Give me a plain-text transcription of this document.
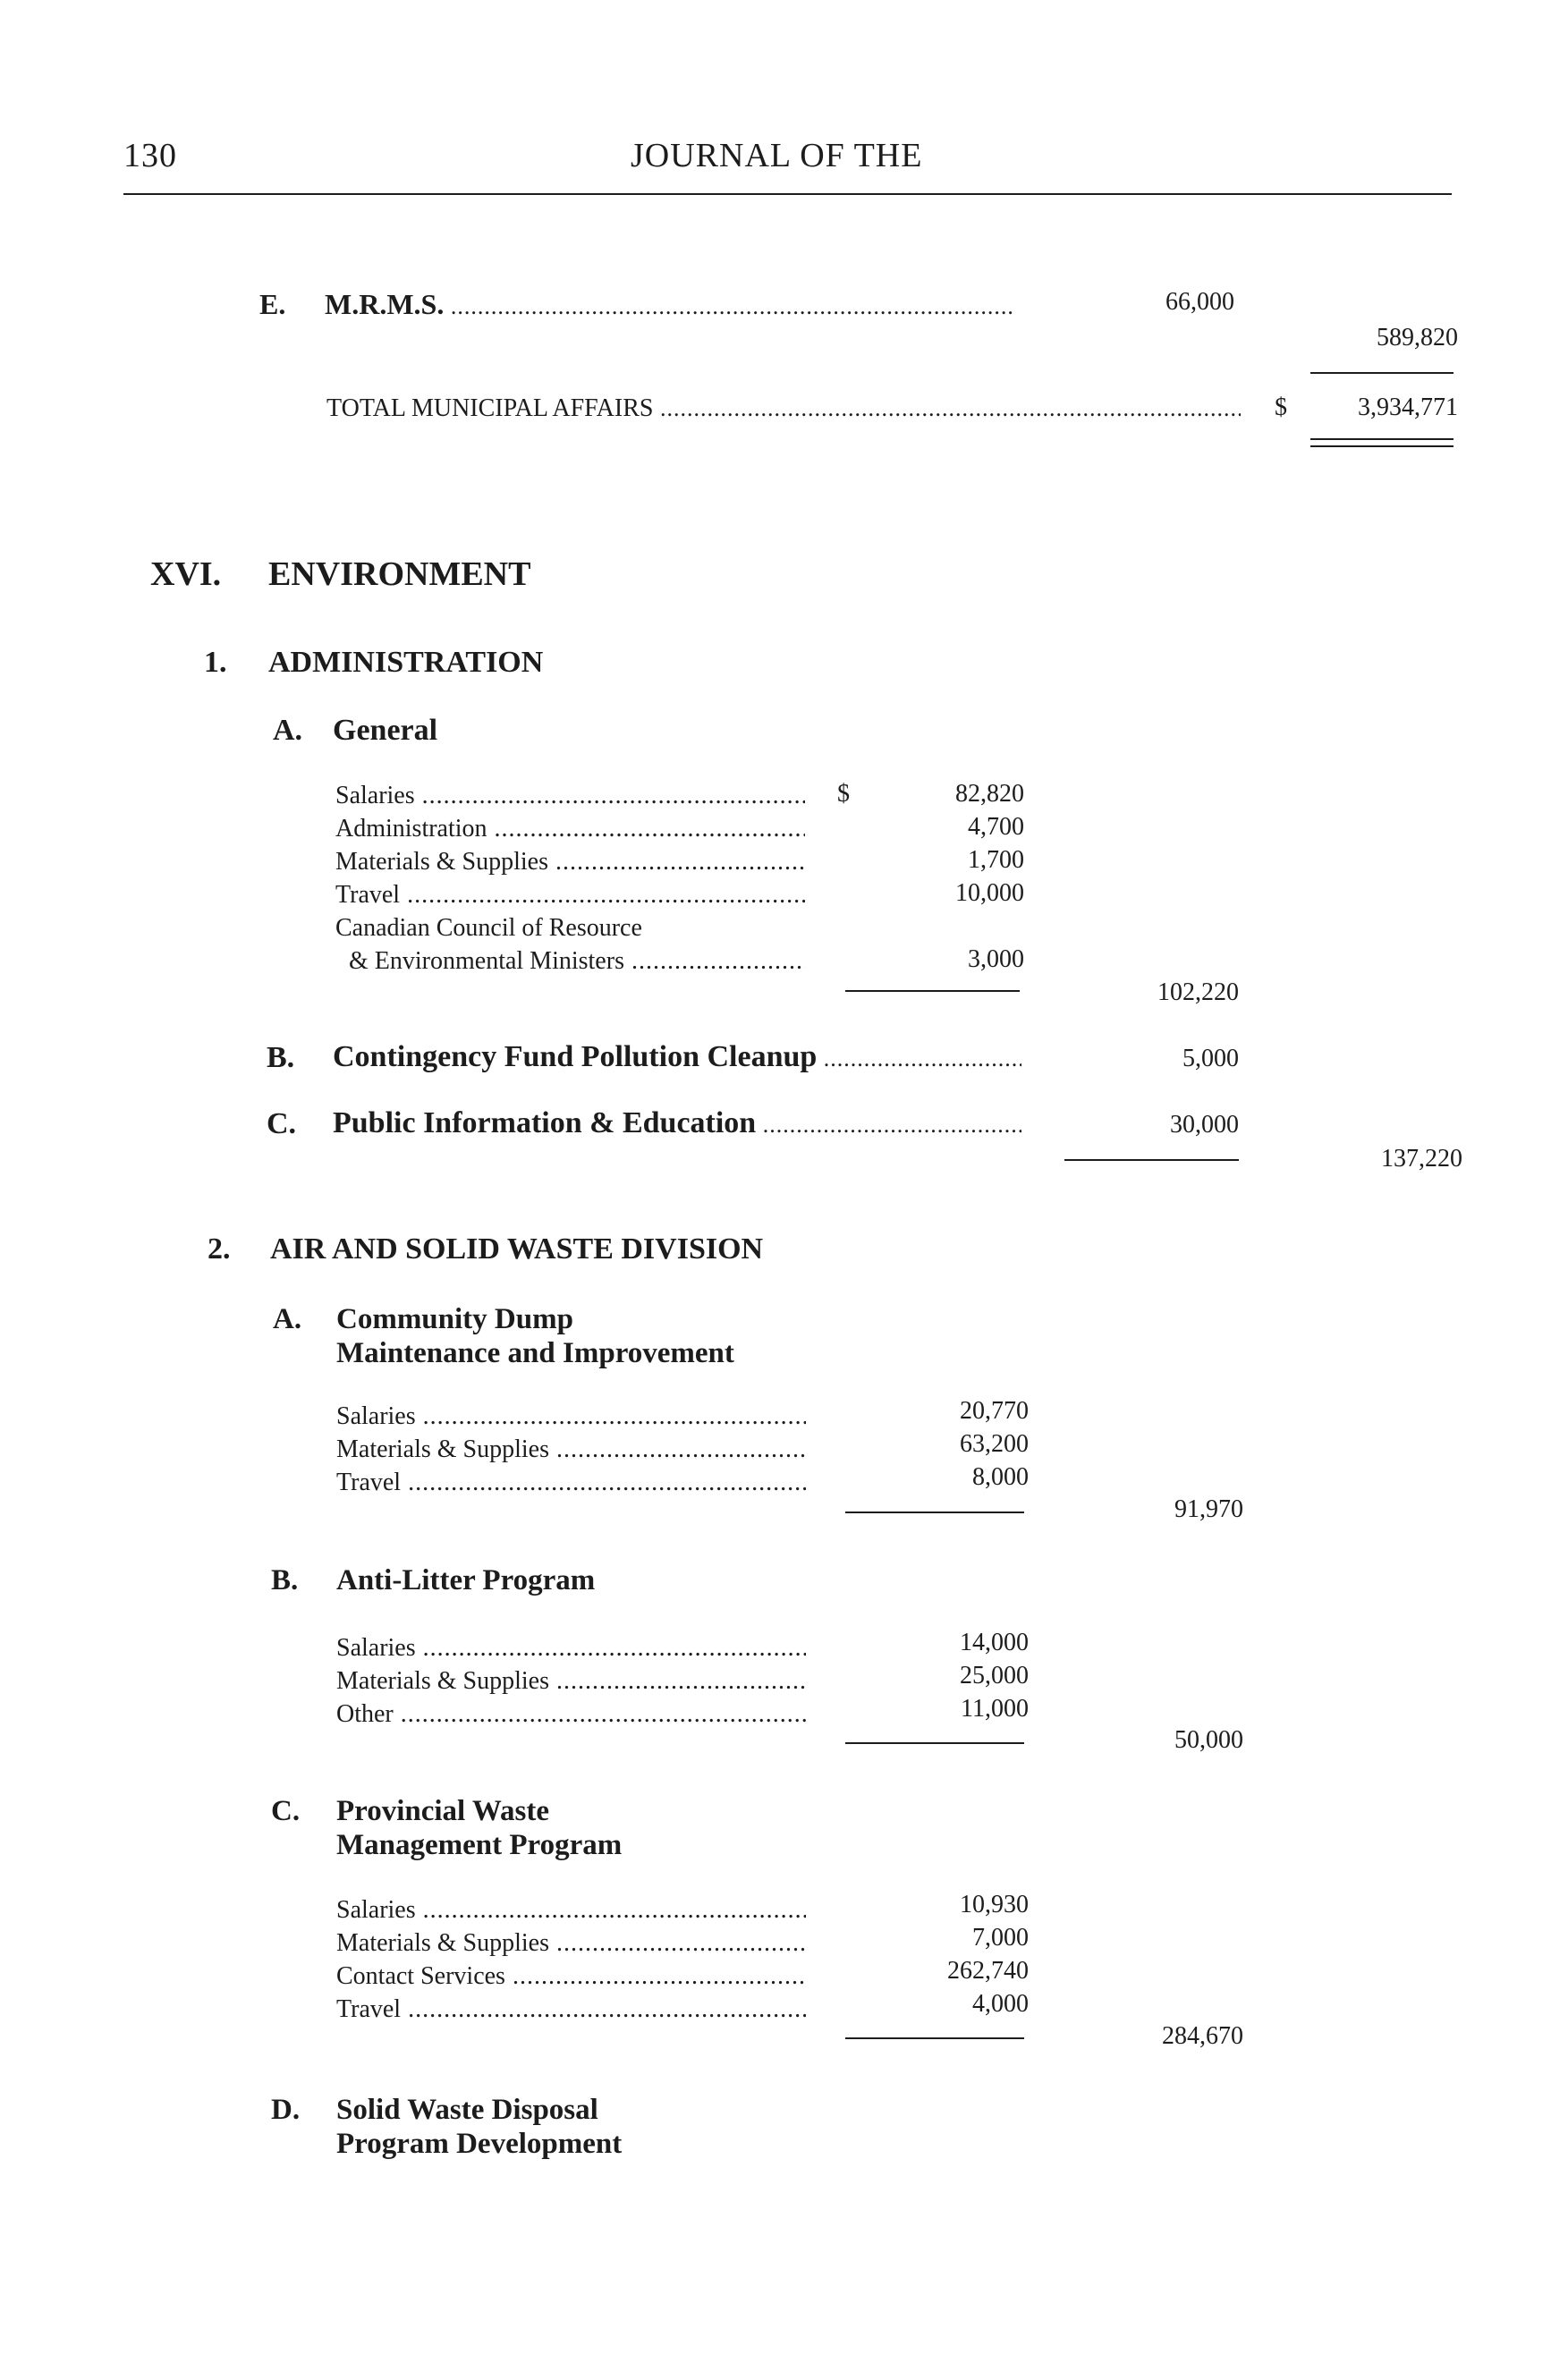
130	JOURNAL OF THE
E. M.R.M.S. .....	66,000
589,820
TOTAL MUNICIPAL AFFAIRS .....	$	3,934,771
XVI. ENVIRONMENT
1. ADMINISTRATION
A. General
$
Salaries .....	82,820
Administration .....	4,700
Materials & Supplies .....	1,700
Travel .....	10,000
Canadian Council of Resource
& Environmental Ministers .....	3,000
102,220
B. Contingency Fund Pollution Cleanup .....	5,000
C. Public Information & Education .....	30,000
137,220
2. AIR AND SOLID WASTE DIVISION
A. Community Dump
Maintenance and Improvement
Salaries .....	20,770
Materials & Supplies .....	63,200
Travel .....	8,000
91,970
B. Anti-Litter Program
Salaries .....	14,000
Materials & Supplies .....	25,000
Other .....	11,000
50,000
C. Provincial Waste
Management Program
Salaries .....	10,930
Materials & Supplies .....	7,000
Contact Services .....	262,740
Travel .....	4,000
284,670
D. Solid Waste Disposal
Program Development
